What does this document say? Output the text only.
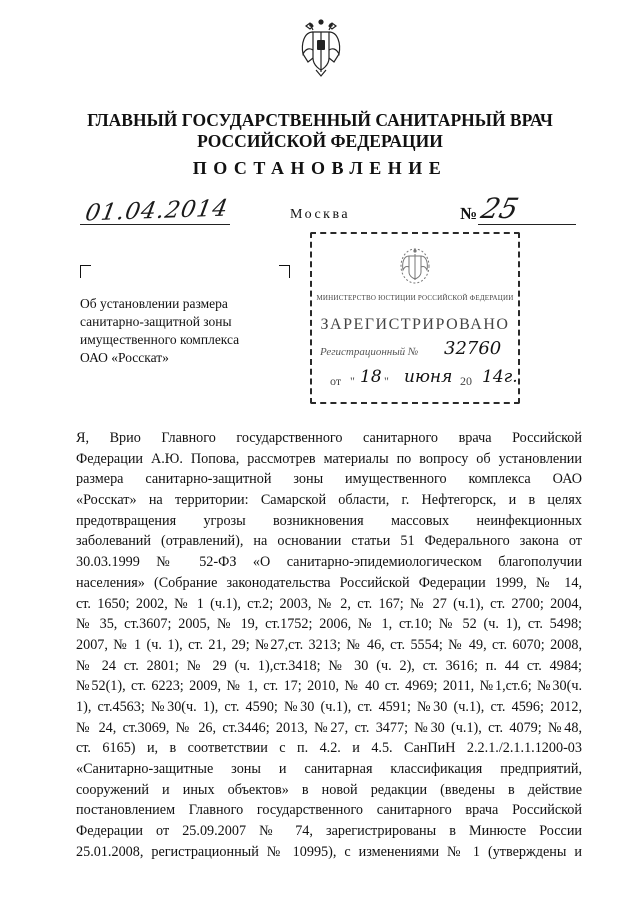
ГЛАВНЫЙ ГОСУДАРСТВЕННЫЙ САНИТАРНЫЙ ВРАЧ
РОССИЙСКОЙ ФЕДЕРАЦИИ
ПОСТАНОВЛЕНИЕ
01.04.2014	Москва	№ 25
Об установлении размера
санитарно-защитной зоны
имущественного комплекса
ОАО «Росскат»
МИНИСТЕРСТВО ЮСТИЦИИ РОССИЙСКОЙ ФЕДЕРАЦИИ
ЗАРЕГИСТРИРОВАНО
Регистрационный № 32760
от " 18 " июня 20 14г.
Я, Врио Главного государственного санитарного врача Российской
Федерации А.Ю. Попова, рассмотрев материалы по вопросу об установлении
размера санитарно-защитной зоны имущественного комплекса ОАО
«Росскат» на территории: Самарской области, г. Нефтегорск, и в целях
предотвращения угрозы возникновения массовых неинфекционных
заболеваний (отравлений), на основании статьи 51 Федерального закона от
30.03.1999 № 52-ФЗ «О санитарно-эпидемиологическом благополучии
населения» (Собрание законодательства Российской Федерации 1999, № 14,
ст. 1650; 2002, № 1 (ч.1), ст.2; 2003, № 2, ст. 167; № 27 (ч.1), ст. 2700; 2004,
№ 35, ст.3607; 2005, № 19, ст.1752; 2006, № 1, ст.10; № 52 (ч. 1), ст. 5498;
2007, № 1 (ч. 1), ст. 21, 29; №27,ст. 3213; № 46, ст. 5554; № 49, ст. 6070; 2008,
№ 24 ст. 2801; № 29 (ч. 1),ст.3418; № 30 (ч. 2), ст. 3616; п. 44 ст. 4984;
№52(1), ст. 6223; 2009, № 1, ст. 17; 2010, № 40 ст. 4969; 2011, №1,ст.6; №30(ч.
1), ст.4563; №30(ч. 1), ст. 4590; №30 (ч.1), ст. 4591; №30 (ч.1), ст. 4596; 2012,
№ 24, ст.3069, № 26, ст.3446; 2013, №27, ст. 3477; №30 (ч.1), ст. 4079; №48,
ст. 6165) и, в соответствии с п. 4.2. и 4.5. СанПиН 2.2.1./2.1.1.1200-03
«Санитарно-защитные зоны и санитарная классификация предприятий,
сооружений и иных объектов» в новой редакции (введены в действие
постановлением Главного государственного санитарного врача Российской
Федерации от 25.09.2007 № 74, зарегистрированы в Минюсте России
25.01.2008, регистрационный № 10995), с изменениями № 1 (утверждены и
